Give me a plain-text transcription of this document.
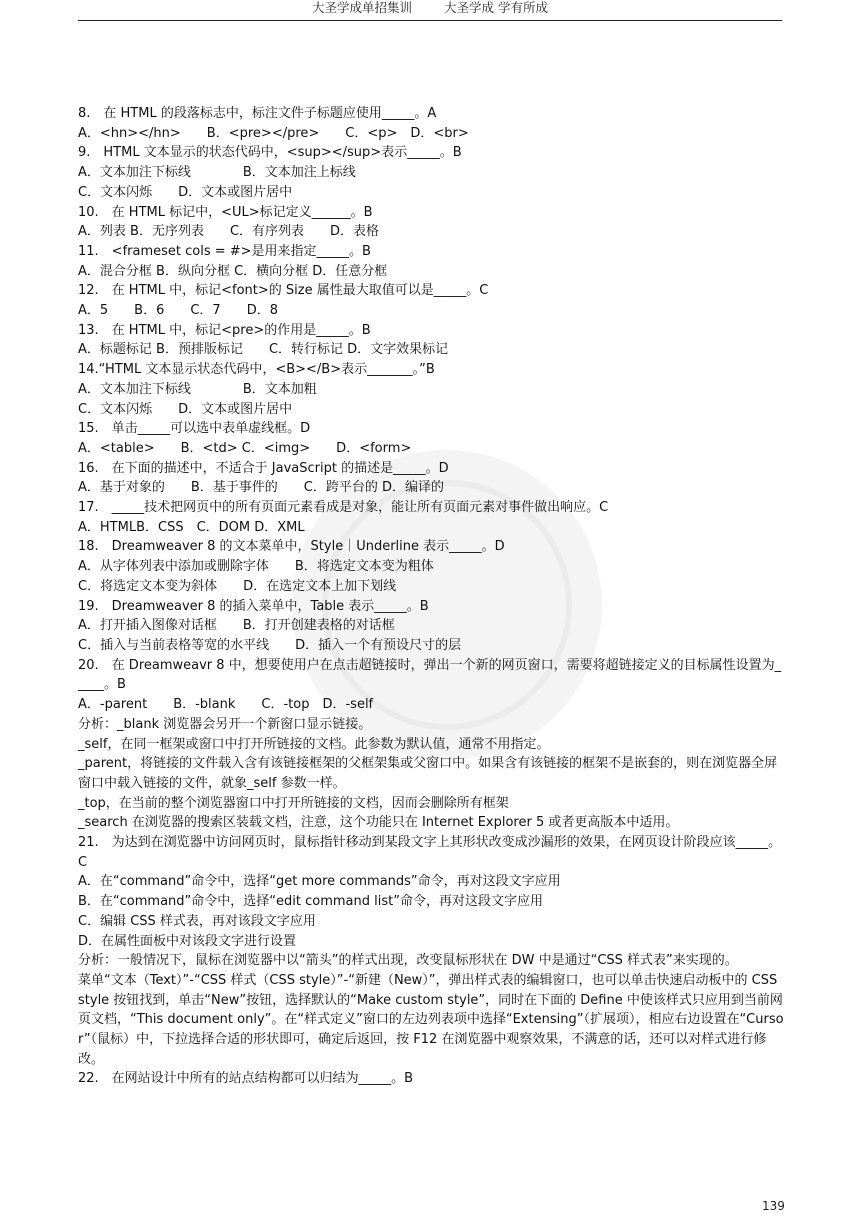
大圣学成单招集训	大圣学成 学有所成

8.　在 HTML 的段落标志中，标注文件子标题应使用_____。A

A．<hn></hn>　　B．<pre></pre>　　C．<p>　D．<br>

9.　HTML 文本显示的状态代码中，<sup></sup>表示_____。B

A．文本加注下标线　　　　B．文本加注上标线

C．文本闪烁　　D．文本或图片居中

10.　在 HTML 标记中，<UL>标记定义______。B

A．列表 B．无序列表　　C．有序列表　　D．表格

11.　<frameset cols = #>是用来指定_____。B

A．混合分框 B．纵向分框 C．横向分框 D．任意分框

12.　在 HTML 中，标记<font>的 Size 属性最大取值可以是_____。C

A．5　　B．6　　C．7　　D．8

13.　在 HTML 中，标记<pre>的作用是_____。B

A．标题标记 B．预排版标记　　C．转行标记 D．文字效果标记

14.“HTML 文本显示状态代码中，<B></B>表示_______。”B

A．文本加注下标线　　　　B．文本加粗

C．文本闪烁　　D．文本或图片居中

15.　单击_____可以选中表单虚线框。D

A．<table>　　B．<td> C．<img>　　D．<form>

16.　在下面的描述中，不适合于 JavaScript 的描述是_____。D

A．基于对象的　　B．基于事件的　　C．跨平台的 D．编译的

17.　_____技术把网页中的所有页面元素看成是对象，能让所有页面元素对事件做出响应。C

A．HTMLB．CSS　C．DOM D．XML

18.　Dreamweaver 8 的文本菜单中，Style｜Underline 表示_____。D

A．从字体列表中添加或删除字体　　B．将选定文本变为粗体

C．将选定文本变为斜体　　D．在选定文本上加下划线

19.　Dreamweaver 8 的插入菜单中，Table 表示_____。B

A．打开插入图像对话框　　B．打开创建表格的对话框

C．插入与当前表格等宽的水平线　　D．插入一个有预设尺寸的层

20.　在 Dreamweavr 8 中，想要使用户在点击超链接时，弹出一个新的网页窗口，需要将超链接定义的目标属性设置为_____。B

A．-parent　　B．-blank　　C．-top　D．-self

分析：_blank 浏览器会另开一个新窗口显示链接。

_self，在同一框架或窗口中打开所链接的文档。此参数为默认值，通常不用指定。

_parent，将链接的文件载入含有该链接框架的父框架集或父窗口中。如果含有该链接的框架不是嵌套的，则在浏览器全屏窗口中载入链接的文件，就象_self 参数一样。

_top，在当前的整个浏览器窗口中打开所链接的文档，因而会删除所有框架

_search 在浏览器的搜索区装载文档，注意，这个功能只在 Internet Explorer 5 或者更高版本中适用。

21.　为达到在浏览器中访问网页时，鼠标指针移动到某段文字上其形状改变成沙漏形的效果，在网页设计阶段应该_____。C

A．在“command”命令中，选择“get more commands”命令，再对这段文字应用

B．在“command”命令中，选择“edit command list”命令，再对这段文字应用

C．编辑 CSS 样式表，再对该段文字应用

D．在属性面板中对该段文字进行设置

分析：一般情况下，鼠标在浏览器中以“箭头”的样式出现，改变鼠标形状在 DW 中是通过“CSS 样式表”来实现的。

菜单“文本（Text）”-“CSS 样式（CSS style）”-“新建（New）”，弹出样式表的编辑窗口，也可以单击快速启动板中的 CSS style 按钮找到，单击“New”按钮，选择默认的“Make custom style”，同时在下面的 Define 中使该样式只应用到当前网页文档，“This document only”。在“样式定义”窗口的左边列表项中选择“Extensing”（扩展项），相应右边设置在“Cursor”（鼠标）中，下拉选择合适的形状即可，确定后返回，按 F12 在浏览器中观察效果，不满意的话，还可以对样式进行修改。

22.　在网站设计中所有的站点结构都可以归结为_____。B

139
